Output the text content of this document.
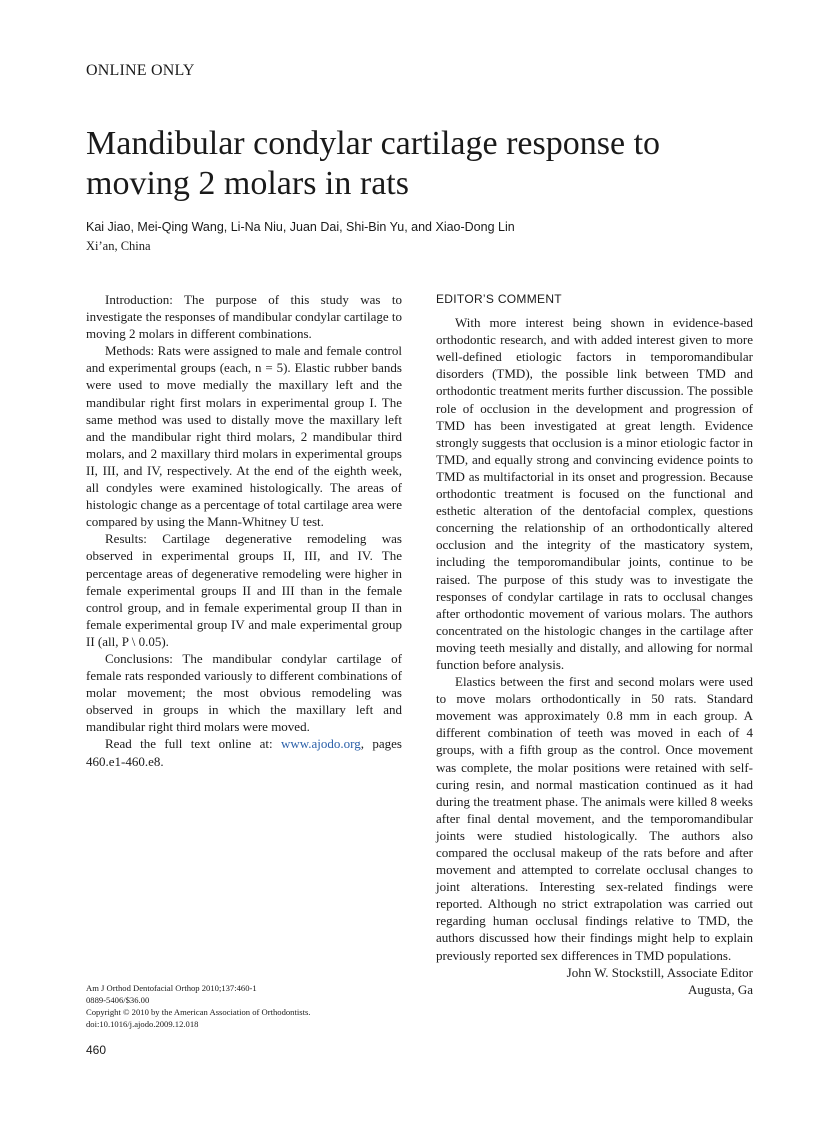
ONLINE ONLY
Mandibular condylar cartilage response to moving 2 molars in rats
Kai Jiao, Mei-Qing Wang, Li-Na Niu, Juan Dai, Shi-Bin Yu, and Xiao-Dong Lin
Xi’an, China

Introduction: The purpose of this study was to investigate the responses of mandibular condylar cartilage to moving 2 molars in different combinations.

Methods: Rats were assigned to male and female control and experimental groups (each, n = 5). Elastic rubber bands were used to move medially the maxillary left and the mandibular right first molars in experimental group I. The same method was used to distally move the maxillary left and the mandibular right third molars, 2 mandibular third molars, and 2 maxillary third molars in experimental groups II, III, and IV, respectively. At the end of the eighth week, all condyles were examined histologically. The areas of histologic change as a percentage of total cartilage area were compared by using the Mann-Whitney U test.

Results: Cartilage degenerative remodeling was observed in experimental groups II, III, and IV. The percentage areas of degenerative remodeling were higher in female experimental groups II and III than in the female control group, and in female experimental group II than in female experimental group IV and male experimental group II (all, P \ 0.05).

Conclusions: The mandibular condylar cartilage of female rats responded variously to different combinations of molar movement; the most obvious remodeling was observed in groups in which the maxillary left and mandibular right third molars were moved.

Read the full text online at: www.ajodo.org, pages 460.e1-460.e8.

EDITOR’S COMMENT

With more interest being shown in evidence-based orthodontic research, and with added interest given to more well-defined etiologic factors in temporomandibular disorders (TMD), the possible link between TMD and orthodontic treatment merits further discussion. The possible role of occlusion in the development and progression of TMD has been investigated at great length. Evidence strongly suggests that occlusion is a minor etiologic factor in TMD, and equally strong and convincing evidence points to TMD as multifactorial in its onset and progression. Because orthodontic treatment is focused on the functional and esthetic alteration of the dentofacial complex, questions concerning the relationship of an orthodontically altered occlusion and the integrity of the masticatory system, including the temporomandibular joints, continue to be raised. The purpose of this study was to investigate the responses of condylar cartilage in rats to occlusal changes after orthodontic movement of various molars. The authors concentrated on the histologic changes in the cartilage after moving teeth mesially and distally, and allowing for normal function before analysis.

Elastics between the first and second molars were used to move molars orthodontically in 50 rats. Standard movement was approximately 0.8 mm in each group. A different combination of teeth was moved in each of 4 groups, with a fifth group as the control. Once movement was complete, the molar positions were retained with self-curing resin, and normal mastication continued as it had during the treatment phase. The animals were killed 8 weeks after final dental movement, and the temporomandibular joints were studied histologically. The authors also compared the occlusal makeup of the rats before and after movement and attempted to correlate occlusal changes to joint alterations. Interesting sex-related findings were reported. Although no strict extrapolation was carried out regarding human occlusal findings relative to TMD, the authors discussed how their findings might help to explain previously reported sex differences in TMD populations.

John W. Stockstill, Associate Editor
Augusta, Ga
Am J Orthod Dentofacial Orthop 2010;137:460-1
0889-5406/$36.00
Copyright © 2010 by the American Association of Orthodontists.
doi:10.1016/j.ajodo.2009.12.018
460
